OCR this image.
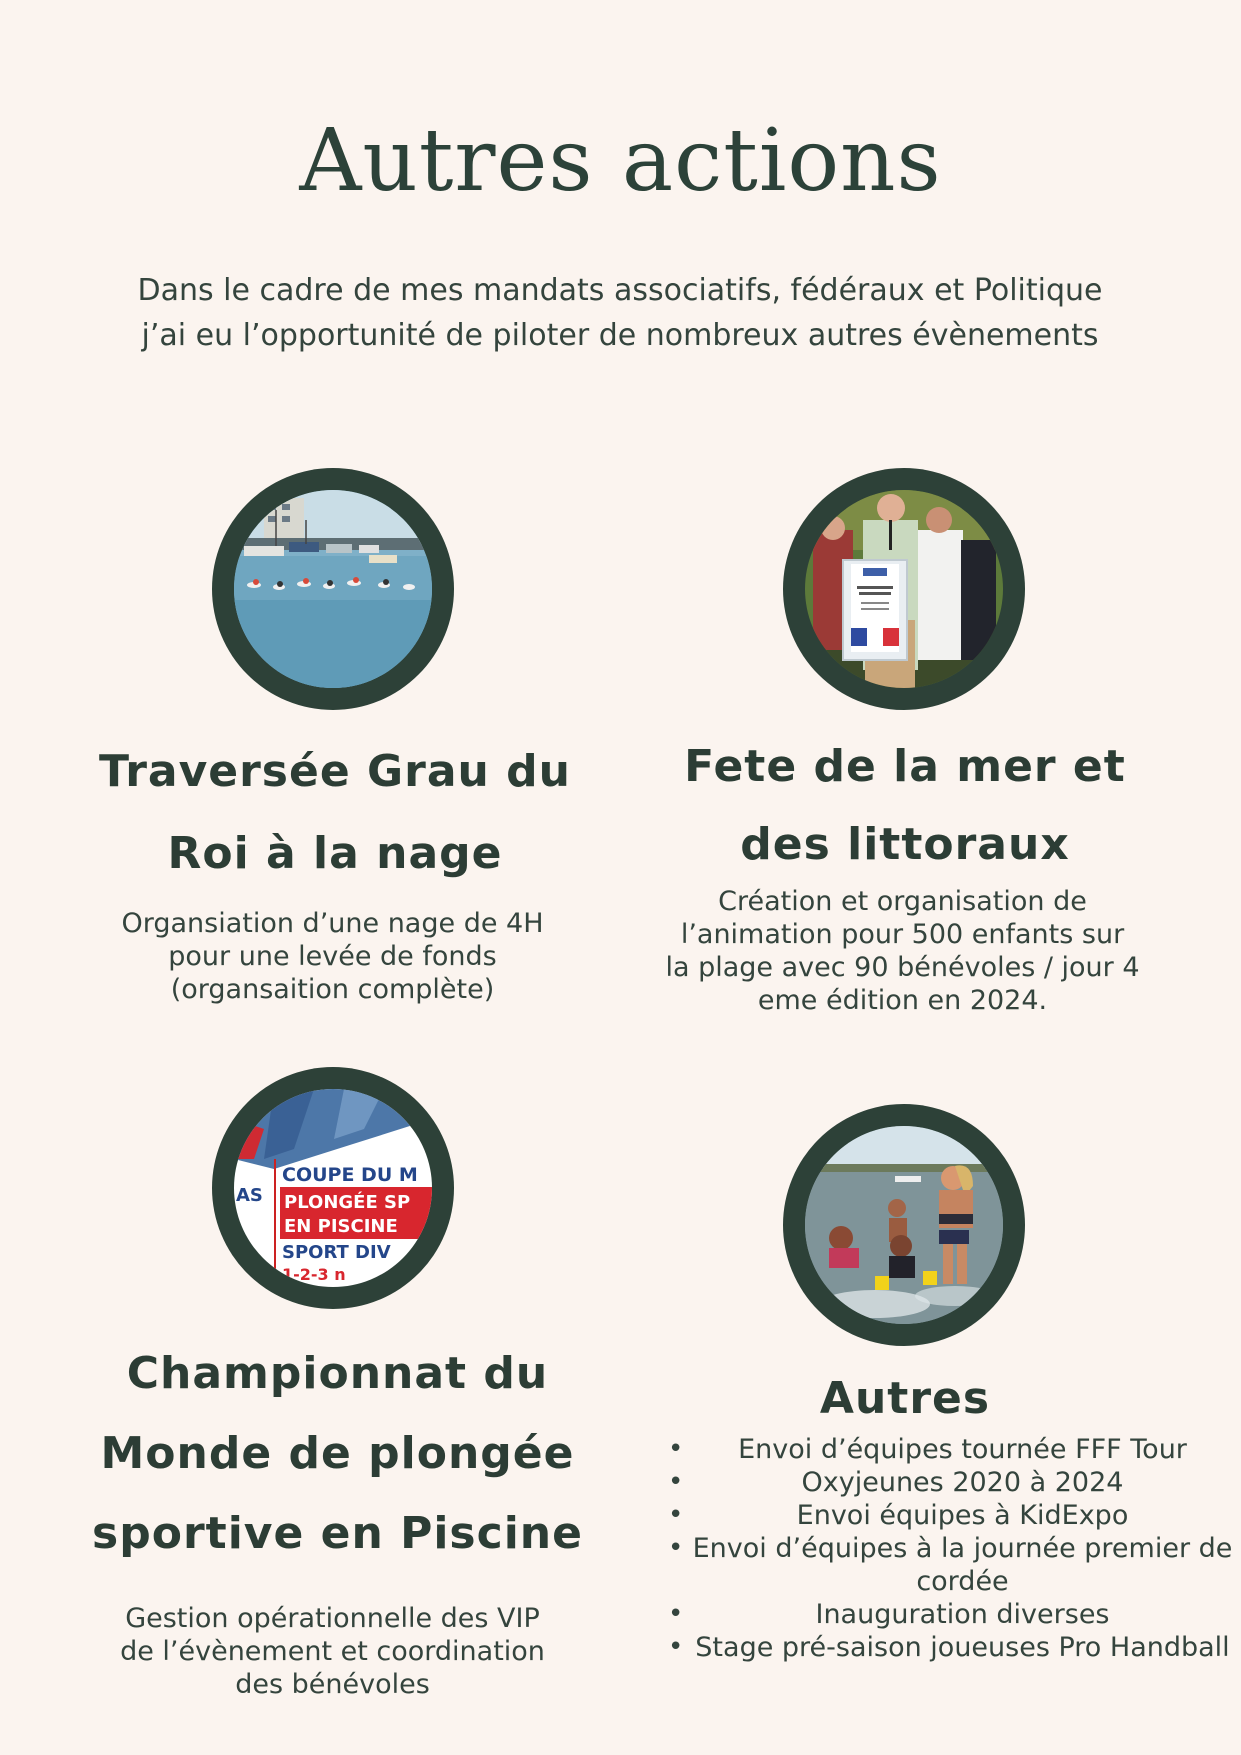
Autres actions
Dans le cadre de mes mandats associatifs, fédéraux et Politique j’ai eu l’opportunité de piloter de nombreux autres évènements
Traversée Grau du
Roi à la nage
Organsiation d’une nage de 4H pour une levée de fonds (organsaition complète)
Fete de la mer et
des littoraux
Création et organisation de l’animation pour 500 enfants sur la plage avec 90 bénévoles / jour 4 eme édition en 2024.
AS
COUPE DU M
PLONGÉE SP
EN PISCINE
SPORT DIV
1-2-3 n
Championnat du
Monde de plongée
sportive en Piscine
Gestion opérationnelle des VIP de l’évènement et coordination des bénévoles
Autres
• Envoi d’équipes tournée FFF Tour
• Oxyjeunes 2020 à 2024
• Envoi équipes à KidExpo
• Envoi d’équipes à la journée premier de cordée
• Inauguration diverses
• Stage pré-saison joueuses Pro Handball
